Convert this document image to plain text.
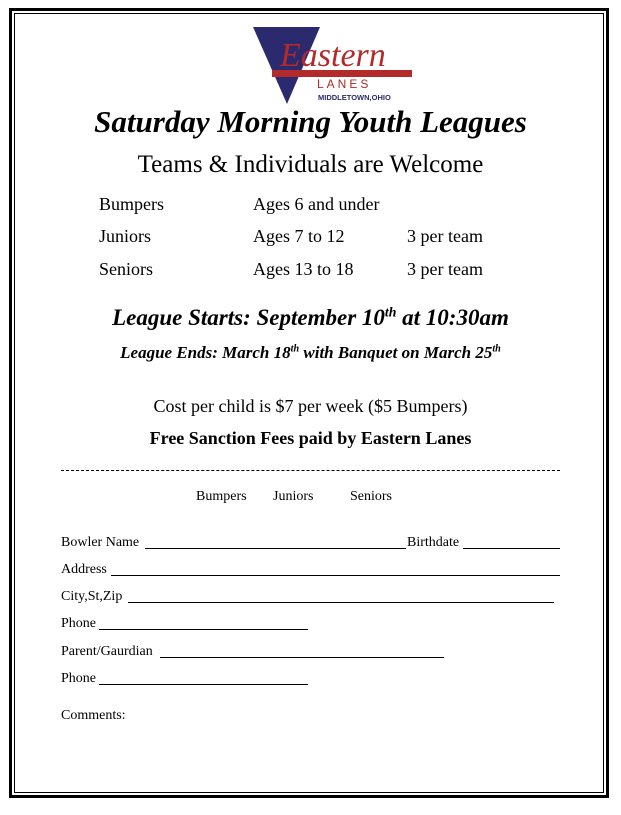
Eastern
LANES
MIDDLETOWN,OHIO
Saturday Morning Youth Leagues
Teams & Individuals are Welcome
Bumpers	Ages 6 and under
Juniors	Ages 7 to 12	3 per team
Seniors	Ages 13 to 18	3 per team
League Starts: September 10th at 10:30am
League Ends: March 18th with Banquet on March 25th
Cost per child is $7 per week ($5 Bumpers)
Free Sanction Fees paid by Eastern Lanes
Bumpers Juniors	Seniors
Bowler Name	Birthdate
Address
City,St,Zip
Phone
Parent/Gaurdian
Phone
Comments:
